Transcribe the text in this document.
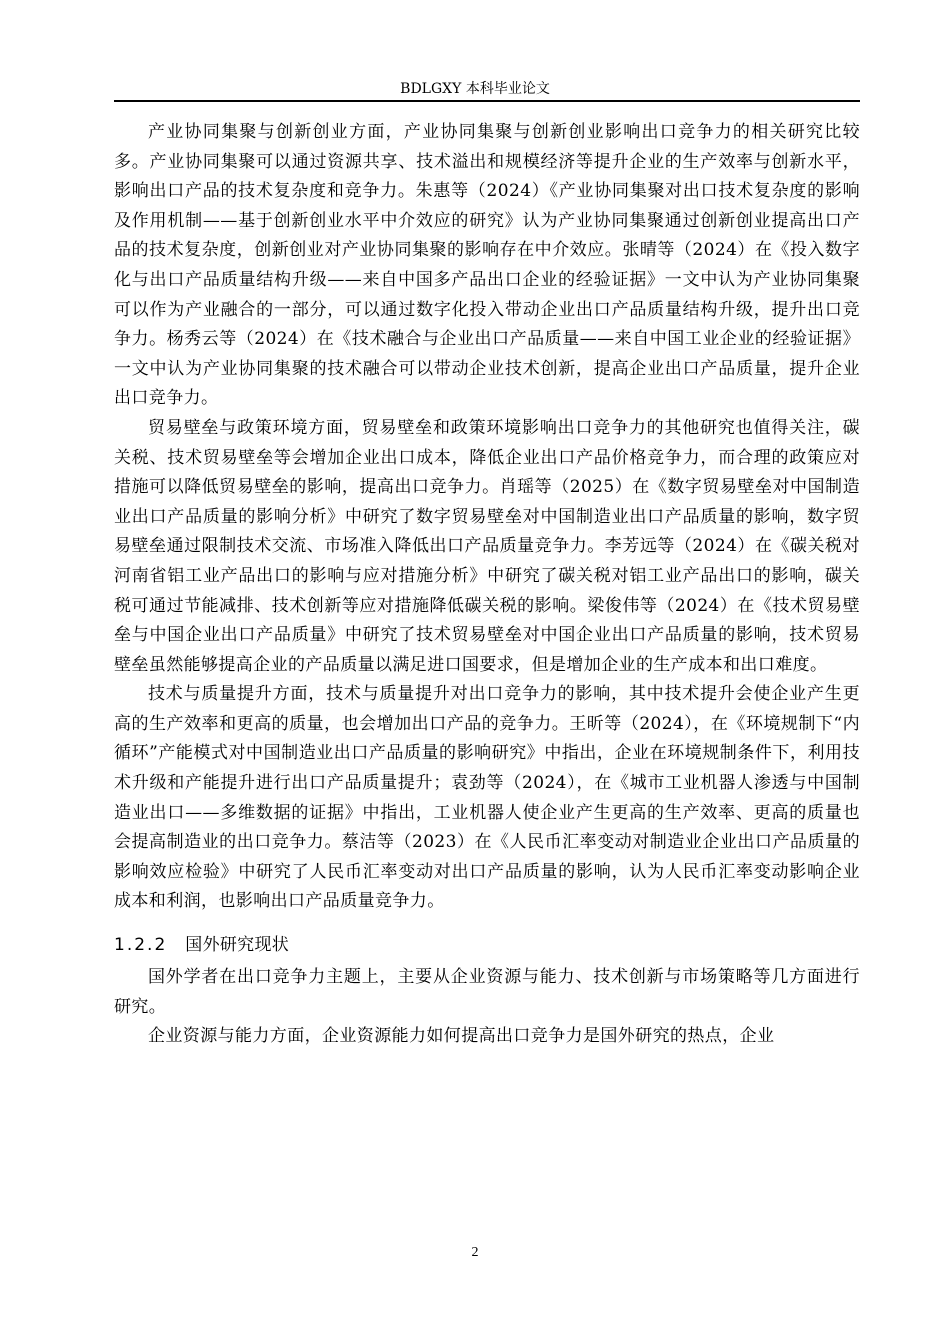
BDLGXY 本科毕业论文

产业协同集聚与创新创业方面，产业协同集聚与创新创业影响出口竞争力的相关研究比较多。产业协同集聚可以通过资源共享、技术溢出和规模经济等提升企业的生产效率与创新水平，影响出口产品的技术复杂度和竞争力。朱惠等（2024）《产业协同集聚对出口技术复杂度的影响及作用机制——基于创新创业水平中介效应的研究》认为产业协同集聚通过创新创业提高出口产品的技术复杂度，创新创业对产业协同集聚的影响存在中介效应。张晴等（2024）在《投入数字化与出口产品质量结构升级——来自中国多产品出口企业的经验证据》一文中认为产业协同集聚可以作为产业融合的一部分，可以通过数字化投入带动企业出口产品质量结构升级，提升出口竞争力。杨秀云等（2024）在《技术融合与企业出口产品质量——来自中国工业企业的经验证据》一文中认为产业协同集聚的技术融合可以带动企业技术创新，提高企业出口产品质量，提升企业出口竞争力。

贸易壁垒与政策环境方面，贸易壁垒和政策环境影响出口竞争力的其他研究也值得关注，碳关税、技术贸易壁垒等会增加企业出口成本，降低企业出口产品价格竞争力，而合理的政策应对措施可以降低贸易壁垒的影响，提高出口竞争力。肖瑶等（2025）在《数字贸易壁垒对中国制造业出口产品质量的影响分析》中研究了数字贸易壁垒对中国制造业出口产品质量的影响，数字贸易壁垒通过限制技术交流、市场准入降低出口产品质量竞争力。李芳远等（2024）在《碳关税对河南省铝工业产品出口的影响与应对措施分析》中研究了碳关税对铝工业产品出口的影响，碳关税可通过节能减排、技术创新等应对措施降低碳关税的影响。梁俊伟等（2024）在《技术贸易壁垒与中国企业出口产品质量》中研究了技术贸易壁垒对中国企业出口产品质量的影响，技术贸易壁垒虽然能够提高企业的产品质量以满足进口国要求，但是增加企业的生产成本和出口难度。

技术与质量提升方面，技术与质量提升对出口竞争力的影响，其中技术提升会使企业产生更高的生产效率和更高的质量，也会增加出口产品的竞争力。王昕等（2024），在《环境规制下“内循环”产能模式对中国制造业出口产品质量的影响研究》中指出，企业在环境规制条件下，利用技术升级和产能提升进行出口产品质量提升；袁劲等（2024），在《城市工业机器人渗透与中国制造业出口——多维数据的证据》中指出，工业机器人使企业产生更高的生产效率、更高的质量也会提高制造业的出口竞争力。蔡洁等（2023）在《人民币汇率变动对制造业企业出口产品质量的影响效应检验》中研究了人民币汇率变动对出口产品质量的影响，认为人民币汇率变动影响企业成本和利润，也影响出口产品质量竞争力。

1.2.2 国外研究现状

国外学者在出口竞争力主题上，主要从企业资源与能力、技术创新与市场策略等几方面进行研究。

企业资源与能力方面，企业资源能力如何提高出口竞争力是国外研究的热点，企业

2
